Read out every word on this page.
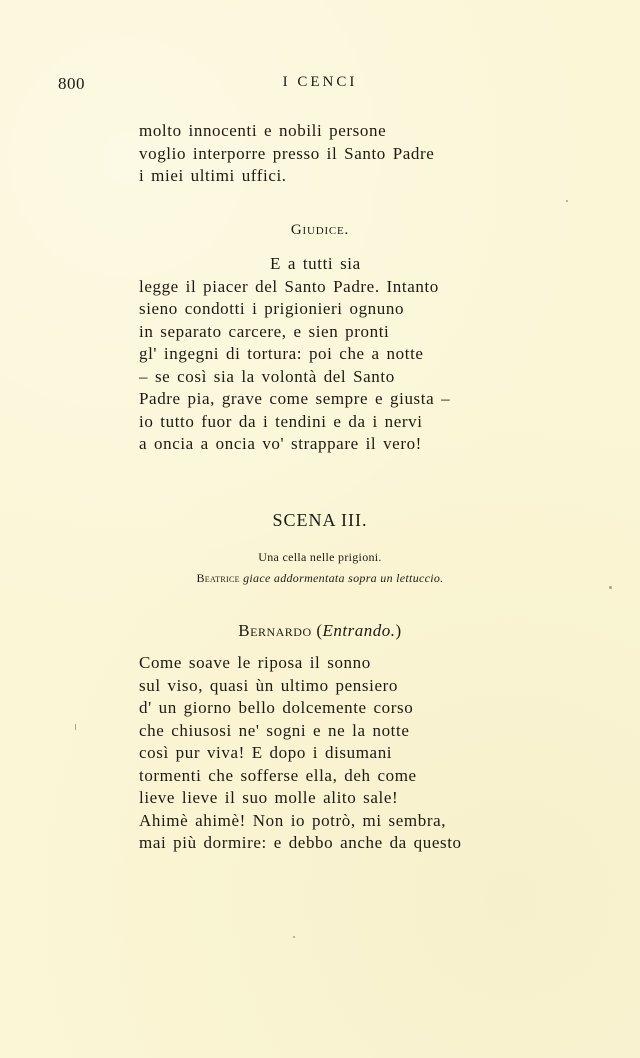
800	I CENCI
molto innocenti e nobili persone
voglio interporre presso il Santo Padre
i miei ultimi uffici.
Giudice.
E a tutti sia
legge il piacer del Santo Padre. Intanto
sieno condotti i prigionieri ognuno
in separato carcere, e sien pronti
gl' ingegni di tortura: poi che a notte
– se così sia la volontà del Santo
Padre pia, grave come sempre e giusta –
io tutto fuor da i tendini e da i nervi
a oncia a oncia vo' strappare il vero!
SCENA III.
Una cella nelle prigioni.
Beatrice giace addormentata sopra un lettuccio.
Bernardo (Entrando.)
Come soave le riposa il sonno
sul viso, quasi ùn ultimo pensiero
d' un giorno bello dolcemente corso
che chiusosi ne' sogni e ne la notte
così pur viva! E dopo i disumani
tormenti che sofferse ella, deh come
lieve lieve il suo molle alito sale!
Ahimè ahimè! Non io potrò, mi sembra,
mai più dormire: e debbo anche da questo
